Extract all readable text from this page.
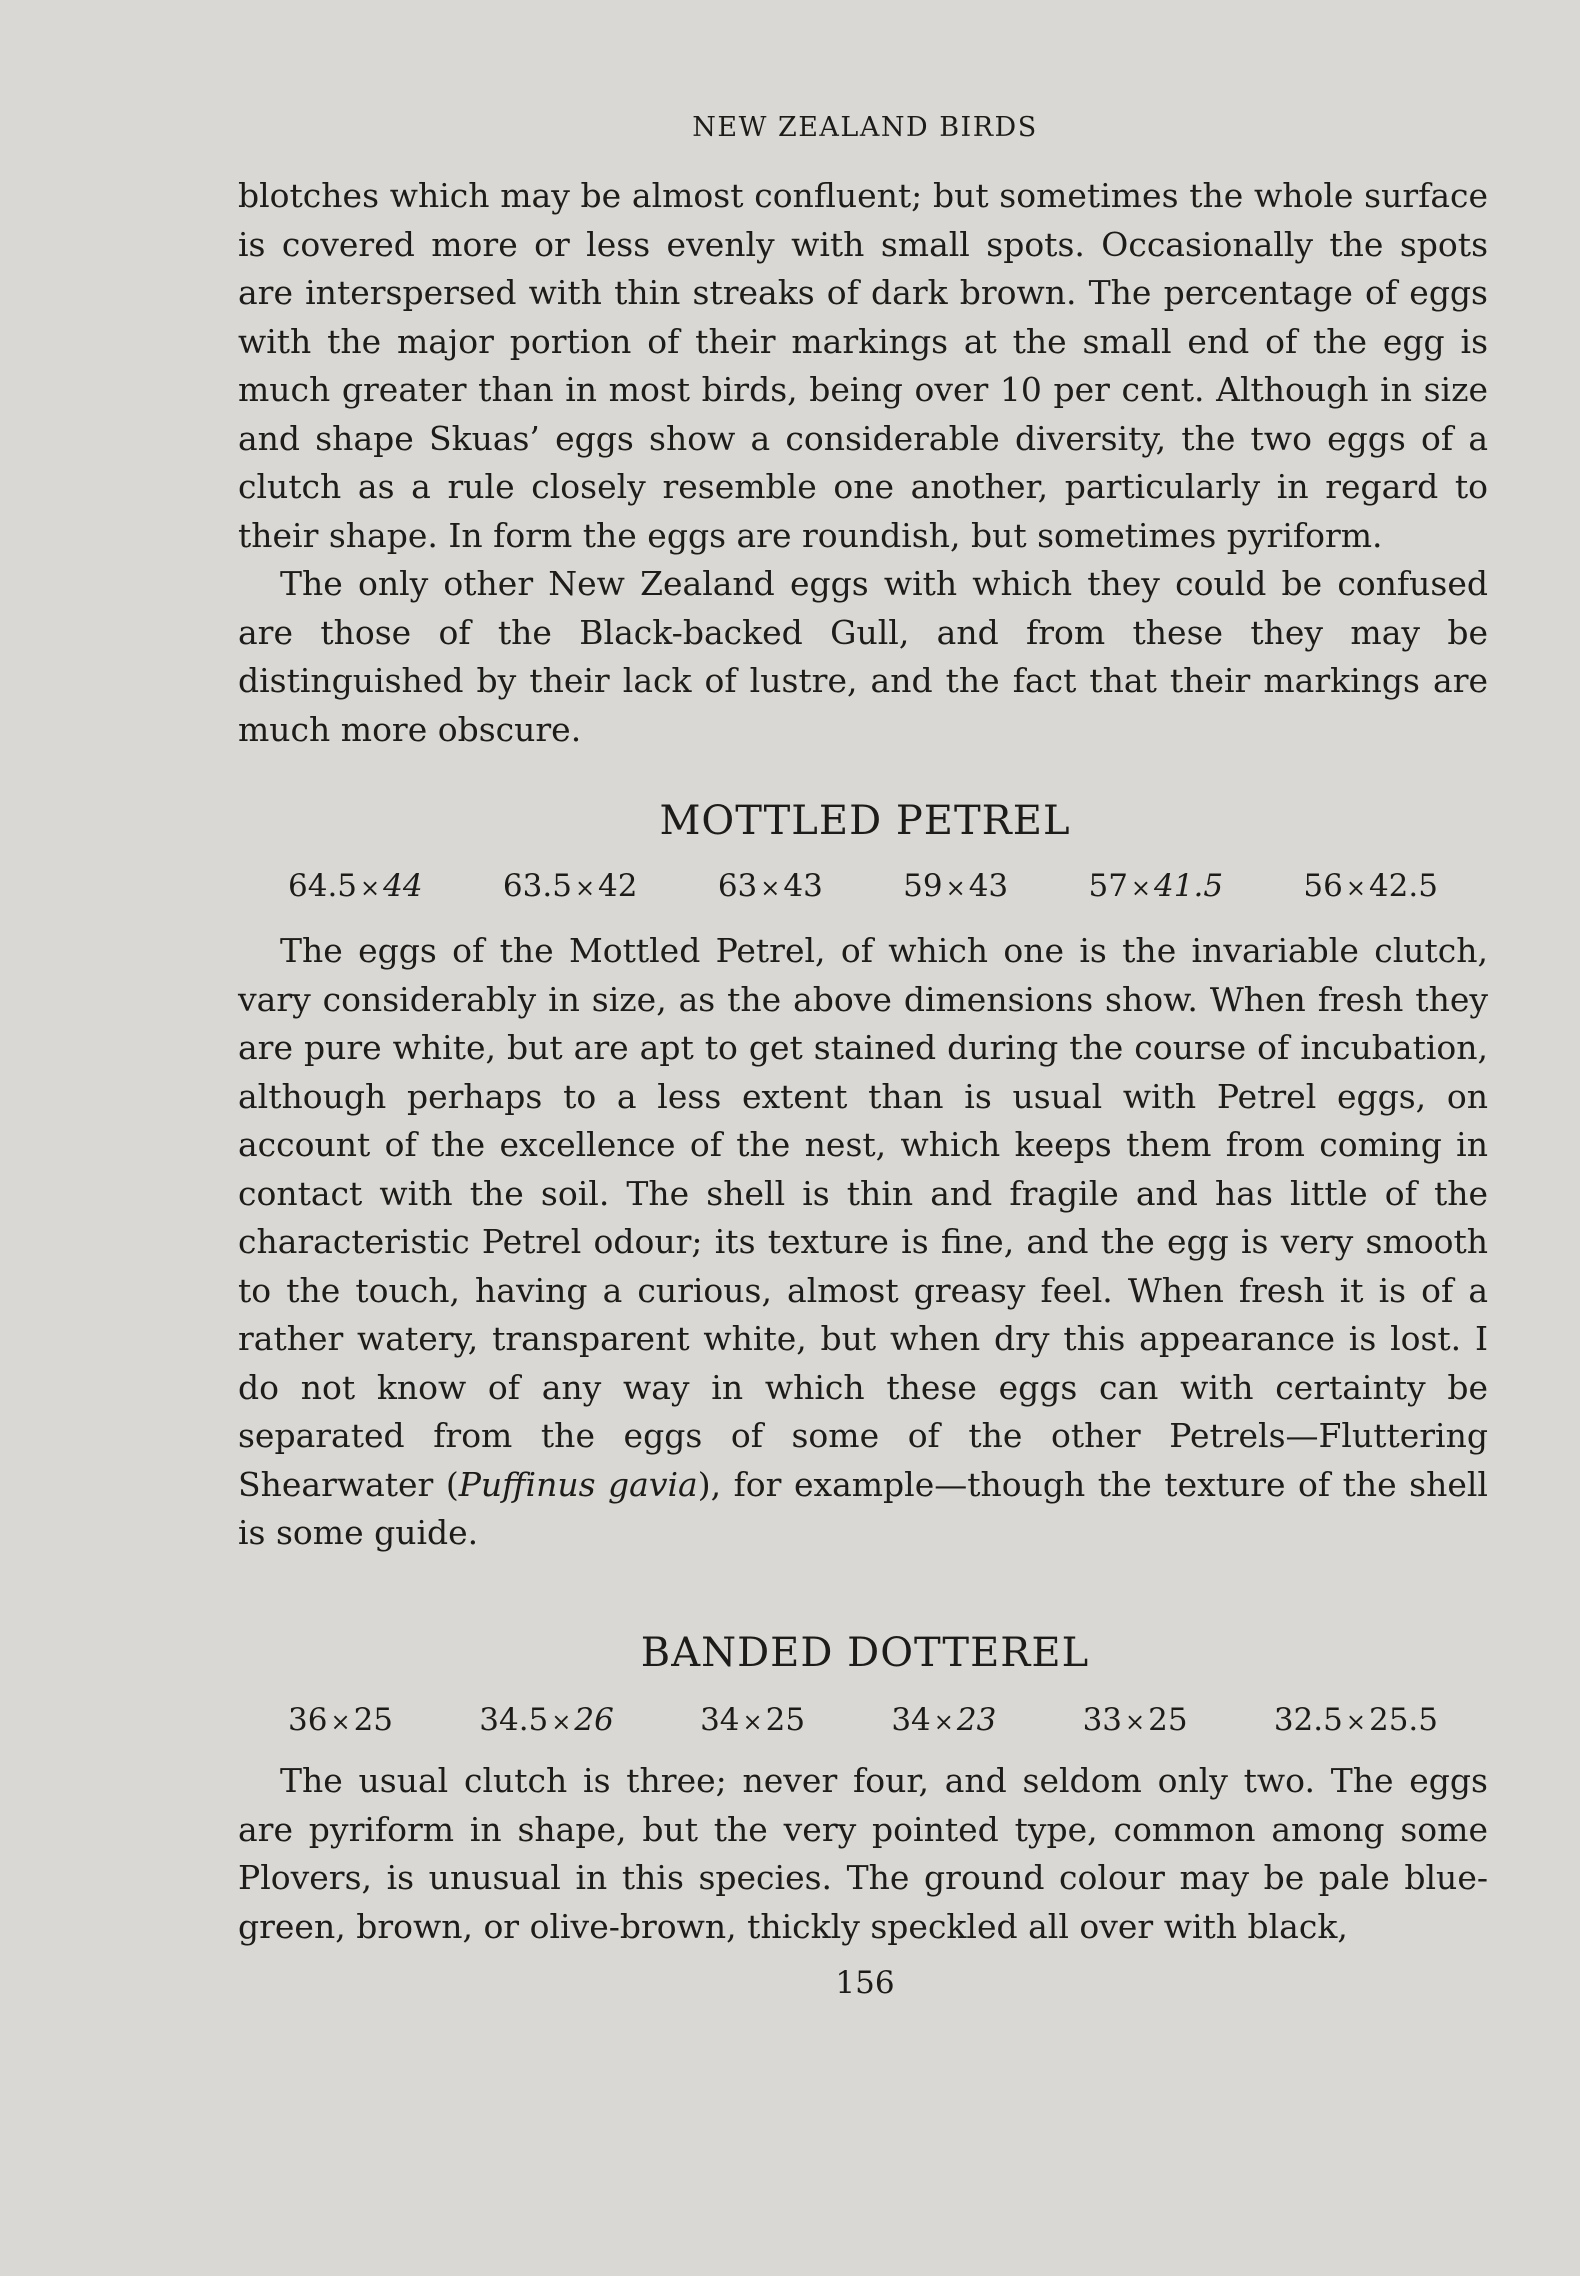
NEW ZEALAND BIRDS

blotches which may be almost confluent; but sometimes the whole surface is covered more or less evenly with small spots. Occasionally the spots are interspersed with thin streaks of dark brown. The percentage of eggs with the major portion of their markings at the small end of the egg is much greater than in most birds, being over 10 per cent. Although in size and shape Skuas’ eggs show a considerable diversity, the two eggs of a clutch as a rule closely resemble one another, particularly in regard to their shape. In form the eggs are roundish, but sometimes pyriform.

The only other New Zealand eggs with which they could be confused are those of the Black-backed Gull, and from these they may be distinguished by their lack of lustre, and the fact that their markings are much more obscure.

MOTTLED PETREL
64.5 ×44	63.5 ×42	63 ×43	59 ×43	57 ×41.5	56 ×42.5

The eggs of the Mottled Petrel, of which one is the invariable clutch, vary considerably in size, as the above dimensions show. When fresh they are pure white, but are apt to get stained during the course of incubation, although perhaps to a less extent than is usual with Petrel eggs, on account of the excellence of the nest, which keeps them from coming in contact with the soil. The shell is thin and fragile and has little of the characteristic Petrel odour; its texture is fine, and the egg is very smooth to the touch, having a curious, almost greasy feel. When fresh it is of a rather watery, transparent white, but when dry this appearance is lost. I do not know of any way in which these eggs can with certainty be separated from the eggs of some of the other Petrels—Fluttering Shearwater (Puffinus gavia), for example—though the texture of the shell is some guide.

BANDED DOTTEREL
36 ×25	34.5 ×26	34 ×25	34 ×23	33 ×25	32.5 ×25.5

The usual clutch is three; never four, and seldom only two. The eggs are pyriform in shape, but the very pointed type, common among some Plovers, is unusual in this species. The ground colour may be pale blue-green, brown, or olive-brown, thickly speckled all over with black,

156
